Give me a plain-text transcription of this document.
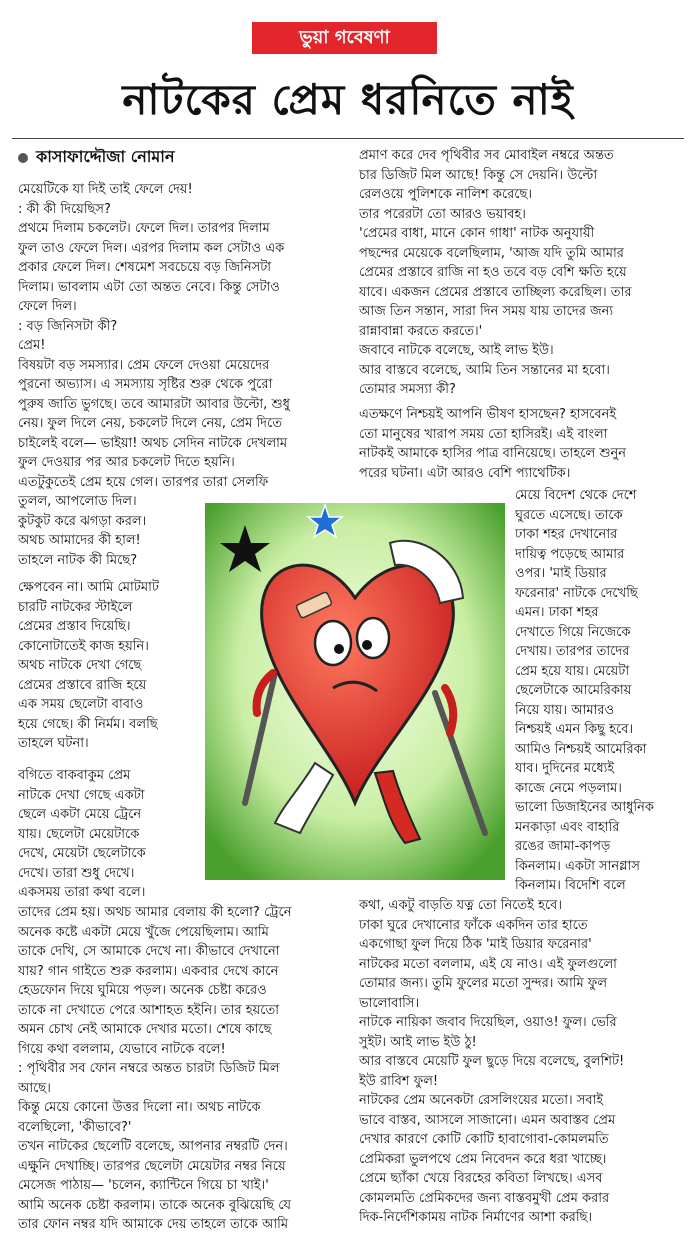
ভুয়া গবেষণা
নাটকের প্রেম ধরনিতে নাই
কাসাফাদ্দৌজা নোমান

মেয়েটিকে যা দিই তাই ফেলে দেয়!

: কী কী দিয়েছিস?

প্রথমে দিলাম চকলেট। ফেলে দিল। তারপর দিলাম

ফুল তাও ফেলে দিল। এরপর দিলাম কল সেটাও এক

প্রকার ফেলে দিল। শেষমেশ সবচেয়ে বড় জিনিসটা

দিলাম। ভাবলাম এটা তো অন্তত নেবে। কিন্তু সেটাও

ফেলে দিল।

: বড় জিনিসটা কী?

প্রেম!

বিষয়টা বড় সমস্যার। প্রেম ফেলে দেওয়া মেয়েদের

পুরনো অভ্যাস। এ সমস্যায় সৃষ্টির শুরু থেকে পুরো

পুরুষ জাতি ভুগছে। তবে আমারটা আবার উল্টো, শুধু

নেয়। ফুল দিলে নেয়, চকলেট দিলে নেয়, প্রেম দিতে

চাইলেই বলে— ভাইয়া! অথচ সেদিন নাটকে দেখলাম

ফুল দেওয়ার পর আর চকলেট দিতে হয়নি।

এতটুকুতেই প্রেম হয়ে গেল। তারপর তারা সেলফি

তুলল, আপলোড দিল।

কুটকুট করে ঝগড়া করল।

অথচ আমাদের কী হাল!

তাহলে নাটক কী মিছে?

ক্ষেপবেন না। আমি মোটমাট

চারটি নাটকের স্টাইলে

প্রেমের প্রস্তাব দিয়েছি।

কোনোটাতেই কাজ হয়নি।

অথচ নাটকে দেখা গেছে

প্রেমের প্রস্তাবে রাজি হয়ে

এক সময় ছেলেটা বাবাও

হয়ে গেছে। কী নির্মম। বলছি

তাহলে ঘটনা।

বগিতে বাকবাকুম প্রেম

নাটকে দেখা গেছে একটা

ছেলে একটা মেয়ে ট্রেনে

যায়। ছেলেটা মেয়েটাকে

দেখে, মেয়েটা ছেলেটাকে

দেখে। তারা শুধু দেখে।

একসময় তারা কথা বলে।

তাদের প্রেম হয়। অথচ আমার বেলায় কী হলো? ট্রেনে

অনেক কষ্টে একটা মেয়ে খুঁজে পেয়েছিলাম। আমি

তাকে দেখি, সে আমাকে দেখে না। কীভাবে দেখানো

যায়? গান গাইতে শুরু করলাম। একবার দেখে কানে

হেডফোন দিয়ে ঘুমিয়ে পড়ল। অনেক চেষ্টা করেও

তাকে না দেখাতে পেরে আশাহত হইনি। তার হয়তো

অমন চোখ নেই আমাকে দেখার মতো। শেষে কাছে

গিয়ে কথা বললাম, যেভাবে নাটকে বলে!

: পৃথিবীর সব ফোন নম্বরে অন্তত চারটা ডিজিট মিল

আছে।

কিন্তু মেয়ে কোনো উত্তর দিলো না। অথচ নাটকে

বলেছিলো, 'কীভাবে?'

তখন নাটকের ছেলেটি বলেছে, আপনার নম্বরটি দেন।

এক্ষুনি দেখাচ্ছি। তারপর ছেলেটা মেয়েটার নম্বর নিয়ে

মেসেজ পাঠায়— 'চলেন, ক্যান্টিনে গিয়ে চা খাই।'

আমি অনেক চেষ্টা করলাম। তাকে অনেক বুঝিয়েছি যে

তার ফোন নম্বর যদি আমাকে দেয় তাহলে তাকে আমি

প্রমাণ করে দেব পৃথিবীর সব মোবাইল নম্বরে অন্তত

চার ডিজিট মিল আছে! কিন্তু সে দেয়নি। উল্টো

রেলওয়ে পুলিশকে নালিশ করেছে।

তার পরেরটা তো আরও ভয়াবহ।

'প্রেমের বাধা, মানে কোন গাধা' নাটক অনুযায়ী

পছন্দের মেয়েকে বলেছিলাম, 'আজ যদি তুমি আমার

প্রেমের প্রস্তাবে রাজি না হও তবে বড় বেশি ক্ষতি হয়ে

যাবে। একজন প্রেমের প্রস্তাবে তাচ্ছিল্য করেছিল। তার

আজ তিন সন্তান, সারা দিন সময় যায় তাদের জন্য

রান্নাবান্না করতে করতে।'

জবাবে নাটকে বলেছে, আই লাভ ইউ।

আর বাস্তবে বলেছে, আমি তিন সন্তানের মা হবো।

তোমার সমস্যা কী?

এতক্ষণে নিশ্চয়ই আপনি ভীষণ হাসছেন? হাসবেনই

তো মানুষের খারাপ সময় তো হাসিরই। এই বাংলা

নাটকই আমাকে হাসির পাত্র বানিয়েছে। তাহলে শুনুন

পরের ঘটনা। এটা আরও বেশি প্যাথেটিক।

মেয়ে বিদেশ থেকে দেশে

ঘুরতে এসেছে। তাকে

ঢাকা শহর দেখানোর

দায়িত্ব পড়েছে আমার

ওপর। 'মাই ডিয়ার

ফরেনার' নাটকে দেখেছি

এমন। ঢাকা শহর

দেখাতে গিয়ে নিজেকে

দেখায়। তারপর তাদের

প্রেম হয়ে যায়। মেয়েটা

ছেলেটাকে আমেরিকায়

নিয়ে যায়। আমারও

নিশ্চয়ই এমন কিছু হবে।

আমিও নিশ্চয়ই আমেরিকা

যাব। দুদিনের মধ্যেই

কাজে নেমে পড়লাম।

ভালো ডিজাইনের আধুনিক

মনকাড়া এবং বাহারি

রঙের জামা-কাপড়

কিনলাম। একটা সানগ্লাস

কিনলাম। বিদেশি বলে

কথা, একটু বাড়তি যত্ন তো নিতেই হবে।

ঢাকা ঘুরে দেখানোর ফাঁকে একদিন তার হাতে

একগোছা ফুল দিয়ে ঠিক 'মাই ডিয়ার ফরেনার'

নাটকের মতো বললাম, এই যে নাও। এই ফুলগুলো

তোমার জন্য। তুমি ফুলের মতো সুন্দর। আমি ফুল

ভালোবাসি।

নাটকে নায়িকা জবাব দিয়েছিল, ওয়াও! ফুল। ভেরি

সুইট। আই লাভ ইউ ঠু!

আর বাস্তবে মেয়েটি ফুল ছুড়ে দিয়ে বলেছে, বুলশিট!

ইউ রাবিশ ফুল!

নাটকের প্রেম অনেকটা রেসলিংয়ের মতো। সবাই

ভাবে বাস্তব, আসলে সাজানো। এমন অবাস্তব প্রেম

দেখার কারণে কোটি কোটি হাবাগোবা-কোমলমতি

প্রেমিকরা ভুলপথে প্রেম নিবেদন করে ধরা খাচ্ছে।

প্রেমে ছ্যাঁকা খেয়ে বিরহের কবিতা লিখছে। এসব

কোমলমতি প্রেমিকদের জন্য বাস্তবমুখী প্রেম করার

দিক-নির্দেশিকাময় নাটক নির্মাণের আশা করছি।
